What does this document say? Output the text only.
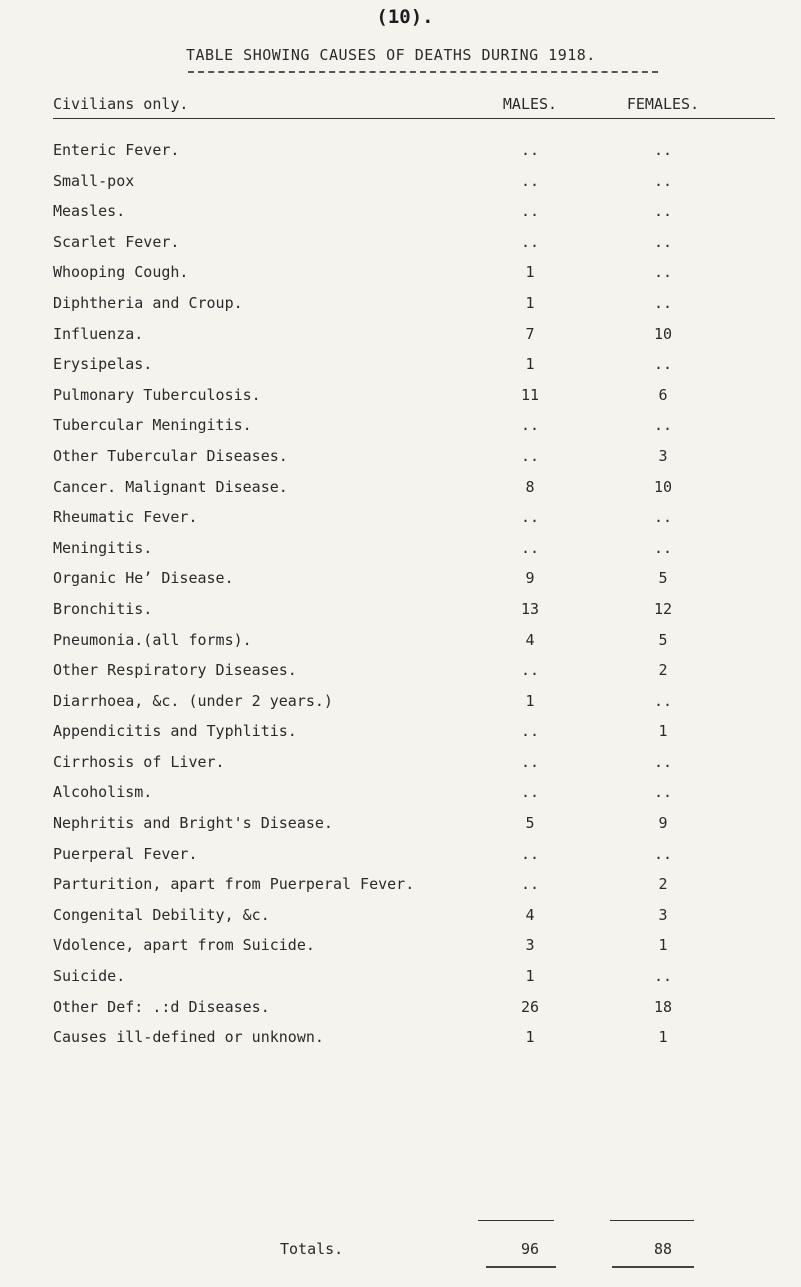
(10).
TABLE SHOWING CAUSES OF DEATHS DURING 1918.
Civilians only.	MALES.	FEMALES.
Enteric Fever.	..	..
Small-pox	..	..
Measles.	..	..
Scarlet Fever.	..	..
Whooping Cough.	1	..
Diphtheria and Croup.	1	..
Influenza.	7	10
Erysipelas.	1	..
Pulmonary Tuberculosis.	11	6
Tubercular Meningitis.	..	..
Other Tubercular Diseases.	..	3
Cancer. Malignant Disease.	8	10
Rheumatic Fever.	..	..
Meningitis.	..	..
Organic He’ Disease.	9	5
Bronchitis.	13	12
Pneumonia.(all forms).	4	5
Other Respiratory Diseases.	..	2
Diarrhoea, &c. (under 2 years.)	1	..
Appendicitis and Typhlitis.	..	1
Cirrhosis of Liver.	..	..
Alcoholism.	..	..
Nephritis and Bright's Disease.	5	9
Puerperal Fever.	..	..
Parturition, apart from Puerperal Fever.	..	2
Congenital Debility, &c.	4	3
Vdolence, apart from Suicide.	3	1
Suicide.	1	..
Other Def: .:d Diseases.	26	18
Causes ill-defined or unknown.	1	1
Totals.	96	88
